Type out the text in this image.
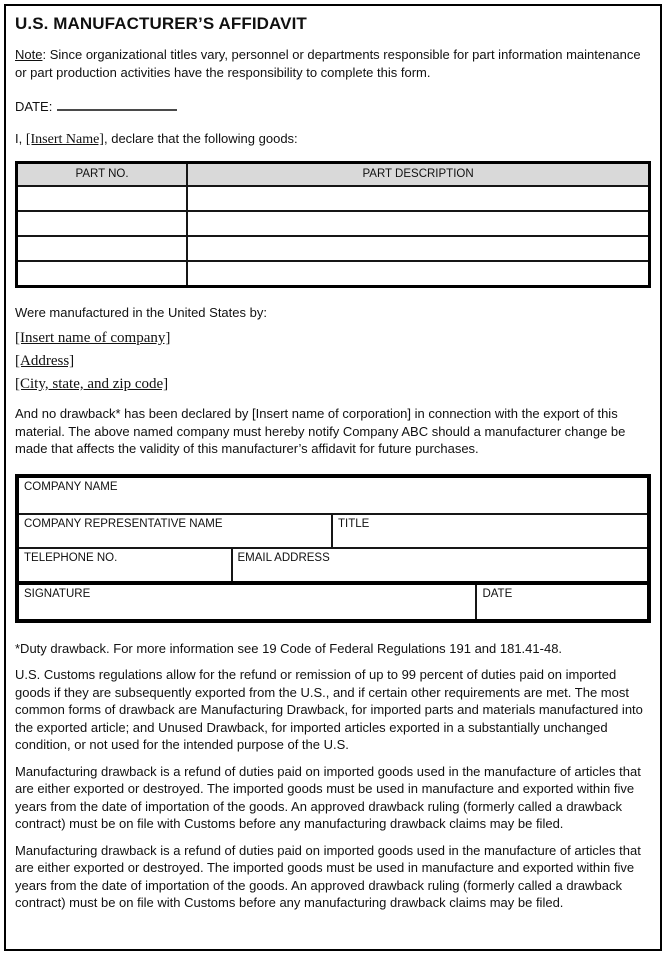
U.S. MANUFACTURER’S AFFIDAVIT

Note: Since organizational titles vary, personnel or departments responsible for part information maintenance or part production activities have the responsibility to complete this form.

DATE:

I, [Insert Name], declare that the following goods:

PART NO.	PART DESCRIPTION

Were manufactured in the United States by:

[Insert name of company]
[Address]
[City, state, and zip code]

And no drawback* has been declared by [Insert name of corporation] in connection with the export of this material. The above named company must hereby notify Company ABC should a manufacturer change be made that affects the validity of this manufacturer’s affidavit for future purchases.

COMPANY NAME
COMPANY REPRESENTATIVE NAME	TITLE
TELEPHONE NO.	EMAIL ADDRESS
SIGNATURE	DATE

*Duty drawback. For more information see 19 Code of Federal Regulations 191 and 181.41-48.

U.S. Customs regulations allow for the refund or remission of up to 99 percent of duties paid on imported goods if they are subsequently exported from the U.S., and if certain other requirements are met. The most common forms of drawback are Manufacturing Drawback, for imported parts and materials manufactured into the exported article; and Unused Drawback, for imported articles exported in a substantially unchanged condition, or not used for the intended purpose of the U.S.

Manufacturing drawback is a refund of duties paid on imported goods used in the manufacture of articles that are either exported or destroyed. The imported goods must be used in manufacture and exported within five years from the date of importation of the goods. An approved drawback ruling (formerly called a drawback contract) must be on file with Customs before any manufacturing drawback claims may be filed.

Manufacturing drawback is a refund of duties paid on imported goods used in the manufacture of articles that are either exported or destroyed. The imported goods must be used in manufacture and exported within five years from the date of importation of the goods. An approved drawback ruling (formerly called a drawback contract) must be on file with Customs before any manufacturing drawback claims may be filed.
